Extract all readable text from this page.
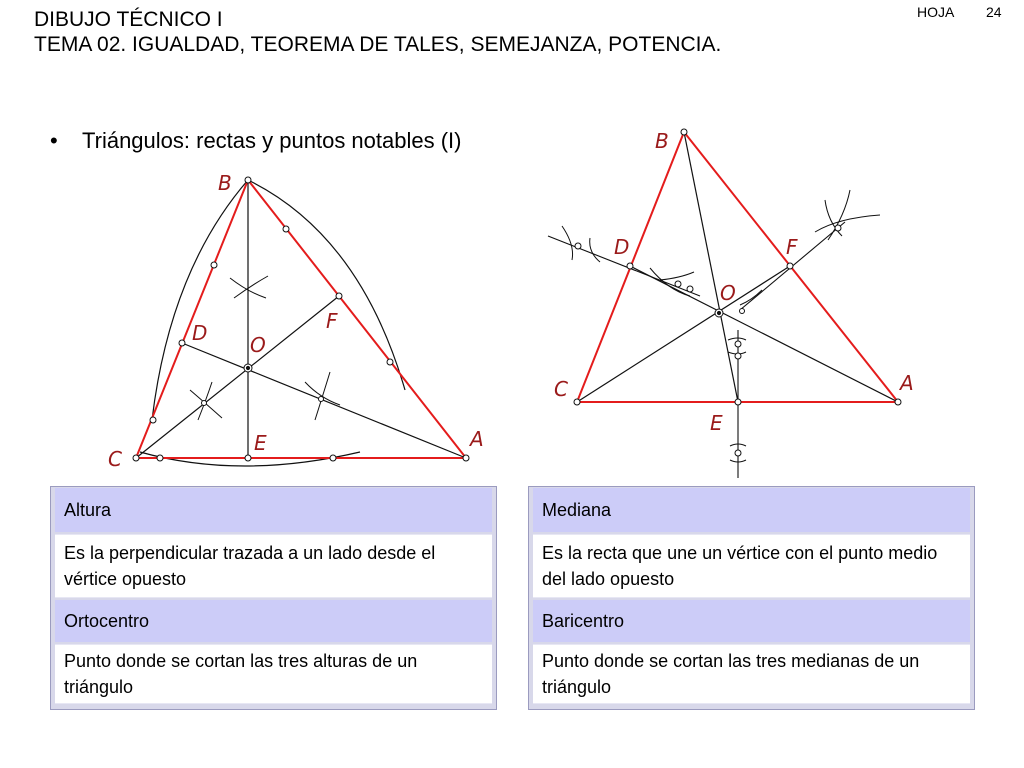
DIBUJO TÉCNICO I
TEMA 02. IGUALDAD, TEOREMA DE TALES, SEMEJANZA, POTENCIA.
HOJA 24
• Triángulos: rectas y puntos notables (I)
B
A
C
D
E
F
O
B
A
C
D
E
F
O
Altura
Es la perpendicular trazada a un lado desde el vértice opuesto
Ortocentro
Punto donde se cortan las tres alturas de un triángulo
Mediana
Es la recta que une un vértice con el punto medio del lado opuesto
Baricentro
Punto donde se cortan las tres medianas de un triángulo
